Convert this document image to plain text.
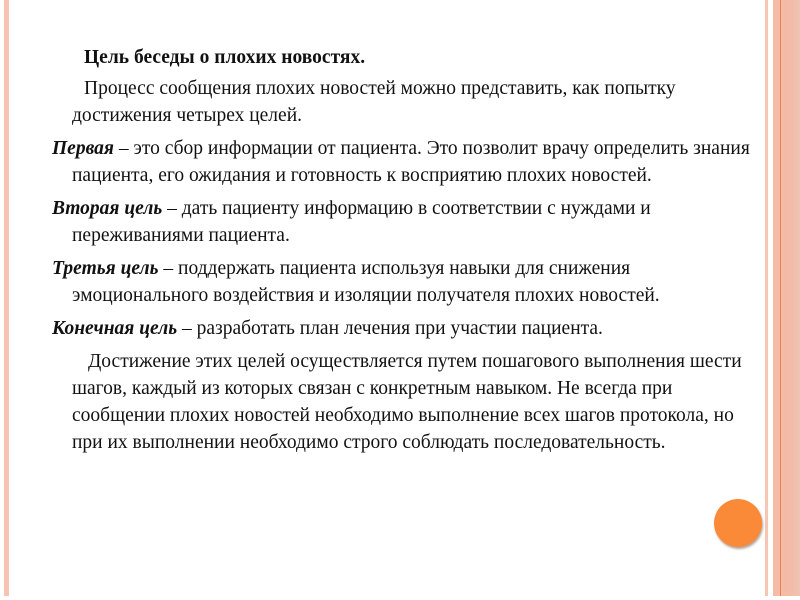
Цель беседы о плохих новостях.

Процесс сообщения плохих новостей можно представить, как попытку достижения четырех целей.

Первая – это сбор информации от пациента. Это позволит врачу определить знания пациента, его ожидания и готовность к восприятию плохих новостей.

Вторая цель – дать пациенту информацию в соответствии с нуждами и переживаниями пациента.

Третья цель – поддержать пациента используя навыки для снижения эмоционального воздействия и изоляции получателя плохих новостей.

Конечная цель – разработать план лечения при участии пациента.

Достижение этих целей осуществляется путем пошагового выполнения шести шагов, каждый из которых связан с конкретным навыком. Не всегда при сообщении плохих новостей необходимо выполнение всех шагов протокола, но при их выполнении необходимо строго соблюдать последовательность.
